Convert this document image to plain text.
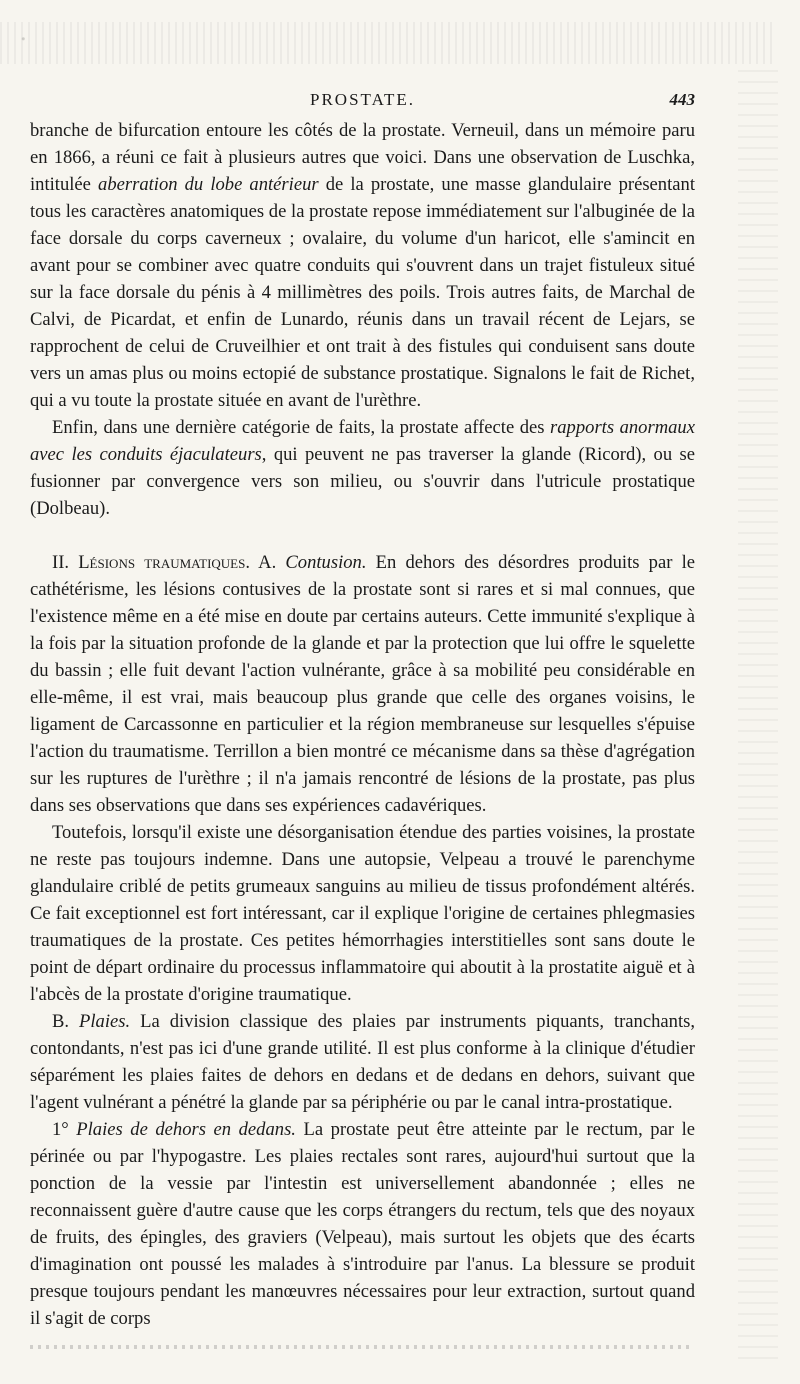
PROSTATE.	443

branche de bifurcation entoure les côtés de la prostate. Verneuil, dans un mémoire paru en 1866, a réuni ce fait à plusieurs autres que voici. Dans une observation de Luschka, intitulée aberration du lobe antérieur de la prostate, une masse glandulaire présentant tous les caractères anatomiques de la prostate repose immédiatement sur l'albuginée de la face dorsale du corps caverneux ; ovalaire, du volume d'un haricot, elle s'amincit en avant pour se combiner avec quatre conduits qui s'ouvrent dans un trajet fistuleux situé sur la face dorsale du pénis à 4 millimètres des poils. Trois autres faits, de Marchal de Calvi, de Picardat, et enfin de Lunardo, réunis dans un travail récent de Lejars, se rapprochent de celui de Cruveilhier et ont trait à des fistules qui conduisent sans doute vers un amas plus ou moins ectopié de substance prostatique. Signalons le fait de Richet, qui a vu toute la prostate située en avant de l'urèthre.

Enfin, dans une dernière catégorie de faits, la prostate affecte des rapports anormaux avec les conduits éjaculateurs, qui peuvent ne pas traverser la glande (Ricord), ou se fusionner par convergence vers son milieu, ou s'ouvrir dans l'utricule prostatique (Dolbeau).

II. Lésions traumatiques. A. Contusion. En dehors des désordres produits par le cathétérisme, les lésions contusives de la prostate sont si rares et si mal connues, que l'existence même en a été mise en doute par certains auteurs. Cette immunité s'explique à la fois par la situation profonde de la glande et par la protection que lui offre le squelette du bassin ; elle fuit devant l'action vulnérante, grâce à sa mobilité peu considérable en elle-même, il est vrai, mais beaucoup plus grande que celle des organes voisins, le ligament de Carcassonne en particulier et la région membraneuse sur lesquelles s'épuise l'action du traumatisme. Terrillon a bien montré ce mécanisme dans sa thèse d'agrégation sur les ruptures de l'urèthre ; il n'a jamais rencontré de lésions de la prostate, pas plus dans ses observations que dans ses expériences cadavériques.

Toutefois, lorsqu'il existe une désorganisation étendue des parties voisines, la prostate ne reste pas toujours indemne. Dans une autopsie, Velpeau a trouvé le parenchyme glandulaire criblé de petits grumeaux sanguins au milieu de tissus profondément altérés. Ce fait exceptionnel est fort intéressant, car il explique l'origine de certaines phlegmasies traumatiques de la prostate. Ces petites hémorrhagies interstitielles sont sans doute le point de départ ordinaire du processus inflammatoire qui aboutit à la prostatite aiguë et à l'abcès de la prostate d'origine traumatique.

B. Plaies. La division classique des plaies par instruments piquants, tranchants, contondants, n'est pas ici d'une grande utilité. Il est plus conforme à la clinique d'étudier séparément les plaies faites de dehors en dedans et de dedans en dehors, suivant que l'agent vulnérant a pénétré la glande par sa périphérie ou par le canal intra-prostatique.

1° Plaies de dehors en dedans. La prostate peut être atteinte par le rectum, par le périnée ou par l'hypogastre. Les plaies rectales sont rares, aujourd'hui surtout que la ponction de la vessie par l'intestin est universellement abandonnée ; elles ne reconnaissent guère d'autre cause que les corps étrangers du rectum, tels que des noyaux de fruits, des épingles, des graviers (Velpeau), mais surtout les objets que des écarts d'imagination ont poussé les malades à s'introduire par l'anus. La blessure se produit presque toujours pendant les manœuvres nécessaires pour leur extraction, surtout quand il s'agit de corps
